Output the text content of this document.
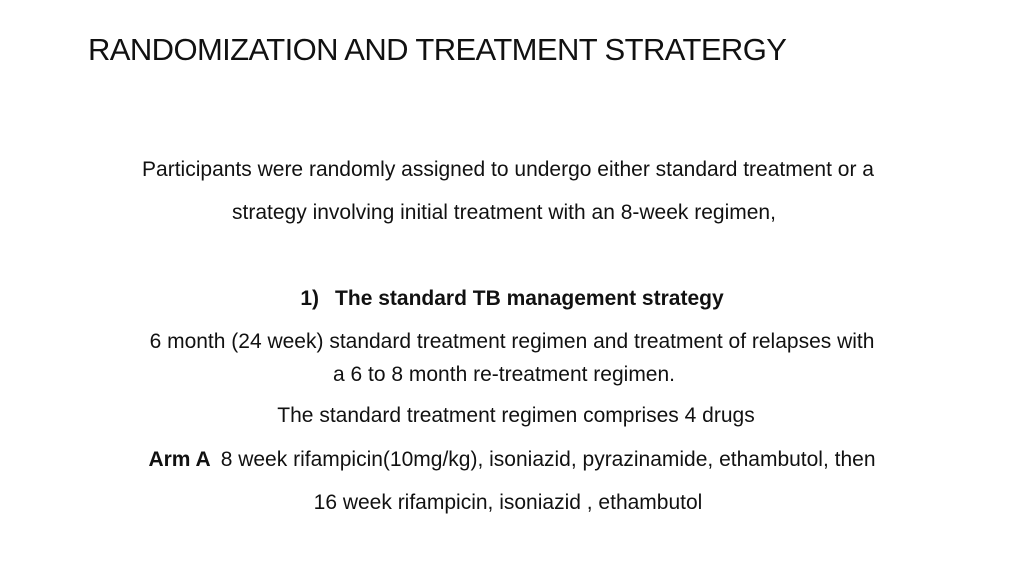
RANDOMIZATION AND TREATMENT STRATERGY
Participants were randomly assigned to undergo either standard treatment or a
strategy involving initial treatment with an 8-week regimen,
1) The standard TB management strategy
6 month (24 week) standard treatment regimen and treatment of relapses with
a 6 to 8 month re-treatment regimen.
The standard treatment regimen comprises 4 drugs
Arm A 8 week rifampicin(10mg/kg), isoniazid, pyrazinamide, ethambutol, then
16 week rifampicin, isoniazid , ethambutol
